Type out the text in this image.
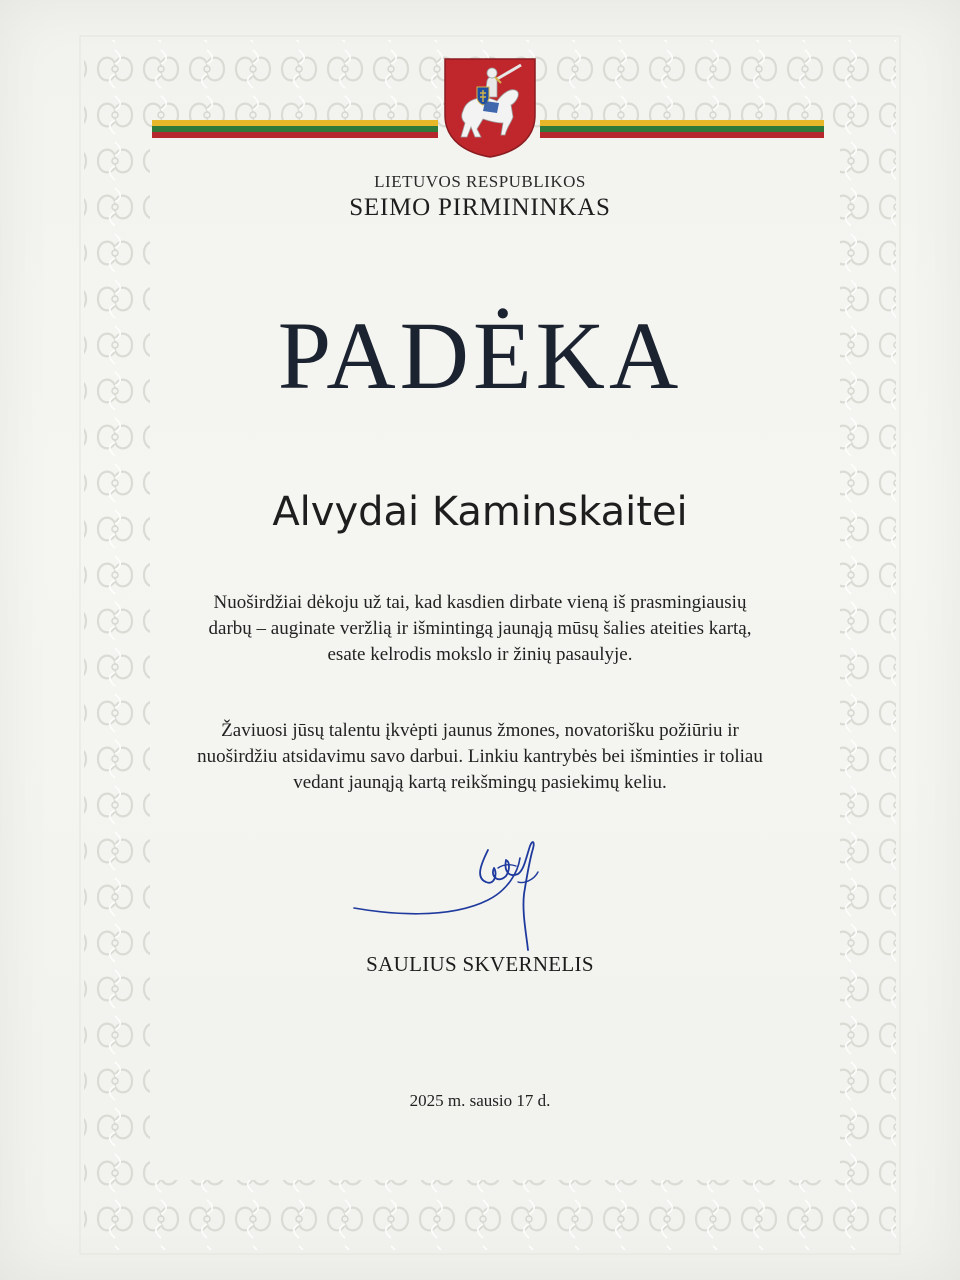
LIETUVOS RESPUBLIKOS
SEIMO PIRMININKAS
PADĖKA
Alvydai Kaminskaitei
Nuoširdžiai dėkoju už tai, kad kasdien dirbate vieną iš prasmingiausių darbų – auginate veržlią ir išmintingą jaunąją mūsų šalies ateities kartą, esate kelrodis mokslo ir žinių pasaulyje.
Žaviuosi jūsų talentu įkvėpti jaunus žmones, novatorišku požiūriu ir nuoširdžiu atsidavimu savo darbui. Linkiu kantrybės bei išminties ir toliau vedant jaunąją kartą reikšmingų pasiekimų keliu.
SAULIUS SKVERNELIS
2025 m. sausio 17 d.
